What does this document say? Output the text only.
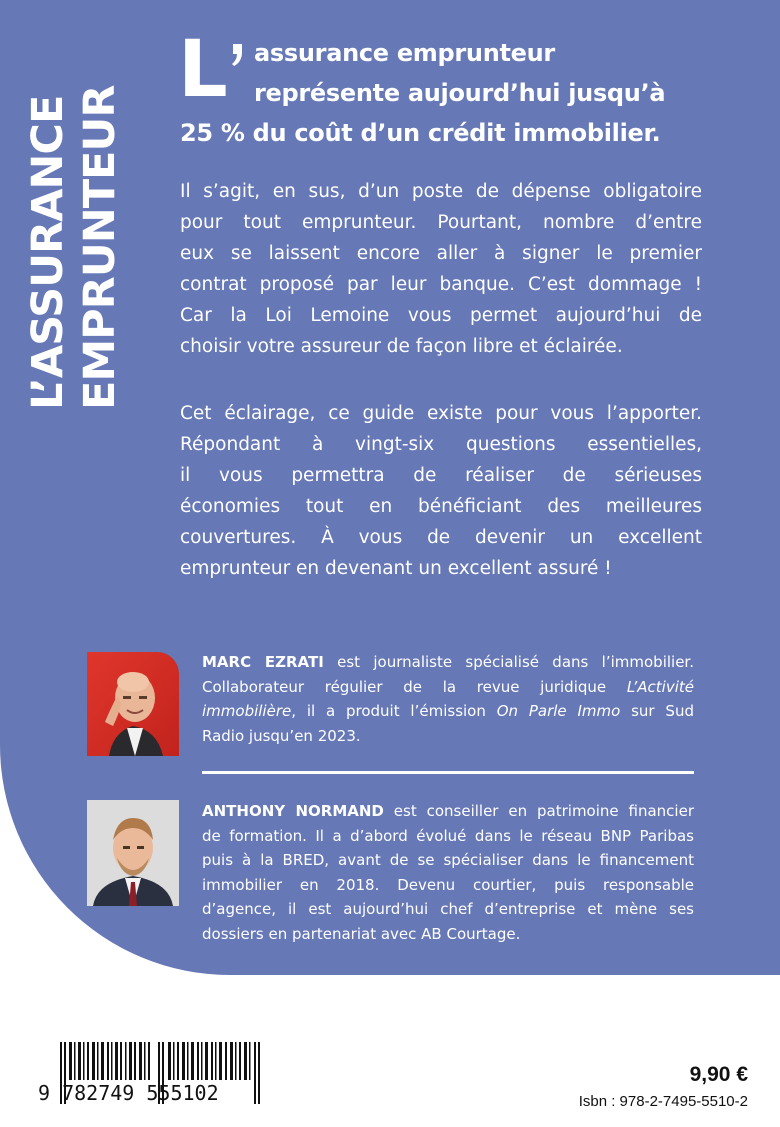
L’ASSURANCE EMPRUNTEUR
L	assurance emprunteur
représente aujourd’hui jusqu’à
25 % du coût d’un crédit immobilier.
Il s’agit, en sus, d’un poste de dépense obligatoire
pour tout emprunteur. Pourtant, nombre d’entre
eux se laissent encore aller à signer le premier
contrat proposé par leur banque. C’est dommage !
Car la Loi Lemoine vous permet aujourd’hui de
choisir votre assureur de façon libre et éclairée.
Cet éclairage, ce guide existe pour vous l’apporter.
Répondant à vingt-six questions essentielles,
il vous permettra de réaliser de sérieuses
économies tout en bénéficiant des meilleures
couvertures. À vous de devenir un excellent
emprunteur en devenant un excellent assuré !
MARC EZRATI est journaliste spécialisé dans l’immobilier.
Collaborateur régulier de la revue juridique L’Activité
immobilière, il a produit l’émission On Parle Immo sur Sud
Radio jusqu’en 2023.
ANTHONY NORMAND est conseiller en patrimoine financier
de formation. Il a d’abord évolué dans le réseau BNP Paribas
puis à la BRED, avant de se spécialiser dans le financement
immobilier en 2018. Devenu courtier, puis responsable
d’agence, il est aujourd’hui chef d’entreprise et mène ses
dossiers en partenariat avec AB Courtage.
9 782749 555102
9,90 €
Isbn : 978-2-7495-5510-2
